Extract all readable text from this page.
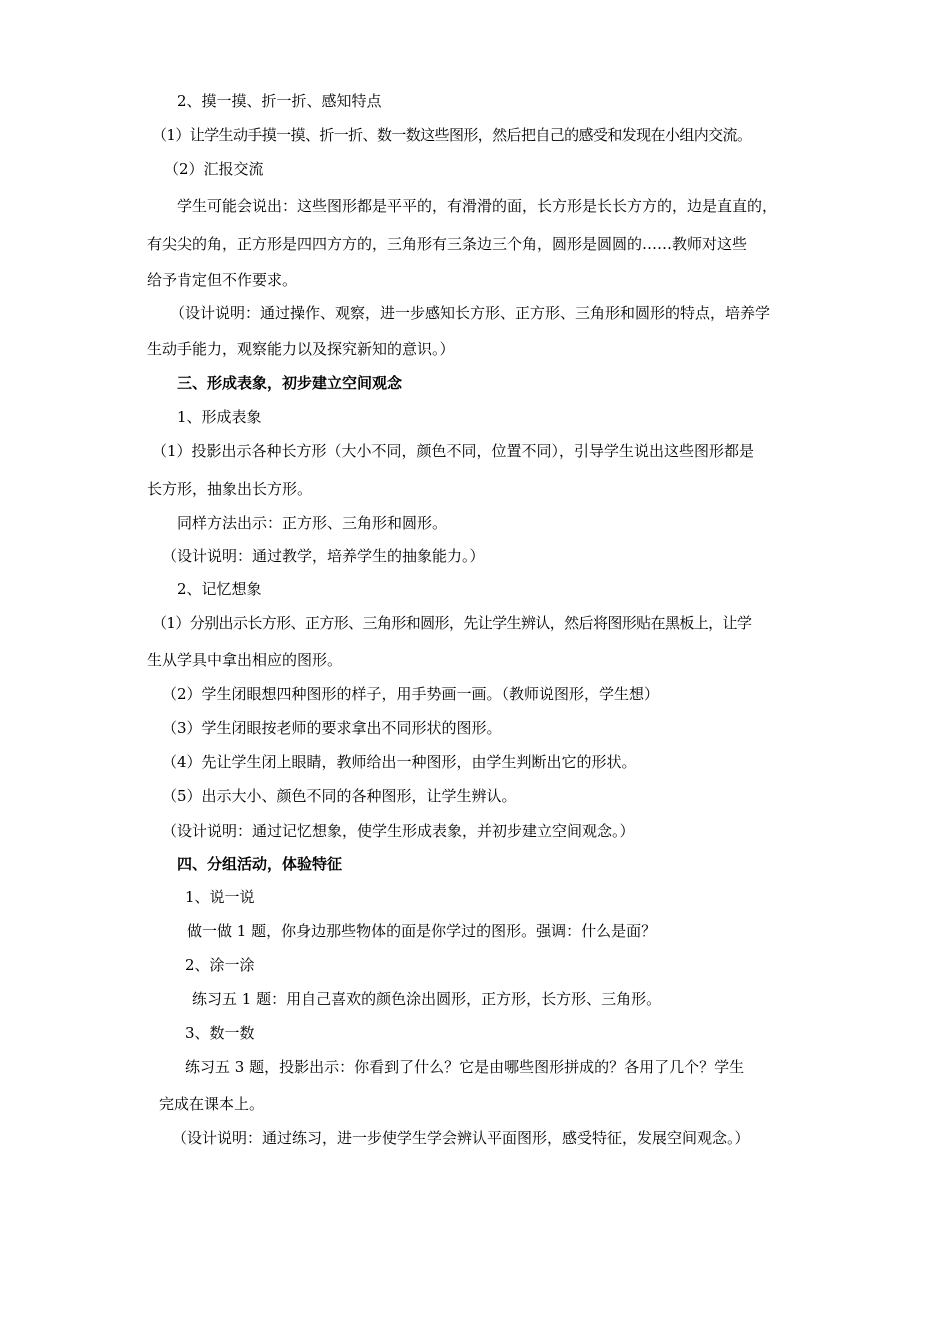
2、摸一摸、折一折、感知特点
（1）让学生动手摸一摸、折一折、数一数这些图形，然后把自己的感受和发现在小组内交流。
（2）汇报交流
学生可能会说出：这些图形都是平平的，有滑滑的面，长方形是长长方方的，边是直直的，
有尖尖的角，正方形是四四方方的，三角形有三条边三个角，圆形是圆圆的……教师对这些
给予肯定但不作要求。
（设计说明：通过操作、观察，进一步感知长方形、正方形、三角形和圆形的特点，培养学
生动手能力，观察能力以及探究新知的意识。）
三、形成表象，初步建立空间观念
1、形成表象
（1）投影出示各种长方形（大小不同，颜色不同，位置不同），引导学生说出这些图形都是
长方形，抽象出长方形。
同样方法出示：正方形、三角形和圆形。
（设计说明：通过教学，培养学生的抽象能力。）
2、记忆想象
（1）分别出示长方形、正方形、三角形和圆形，先让学生辨认，然后将图形贴在黑板上，让学
生从学具中拿出相应的图形。
（2）学生闭眼想四种图形的样子，用手势画一画。（教师说图形，学生想）
（3）学生闭眼按老师的要求拿出不同形状的图形。
（4）先让学生闭上眼睛，教师给出一种图形，由学生判断出它的形状。
（5）出示大小、颜色不同的各种图形，让学生辨认。
（设计说明：通过记忆想象，使学生形成表象，并初步建立空间观念。）
四、分组活动，体验特征
1、说一说
做一做 1 题，你身边那些物体的面是你学过的图形。强调：什么是面？
2、涂一涂
练习五 1 题：用自己喜欢的颜色涂出圆形，正方形，长方形、三角形。
3、数一数
练习五 3 题，投影出示：你看到了什么？它是由哪些图形拼成的？各用了几个？学生
完成在课本上。
（设计说明：通过练习，进一步使学生学会辨认平面图形，感受特征，发展空间观念。）
